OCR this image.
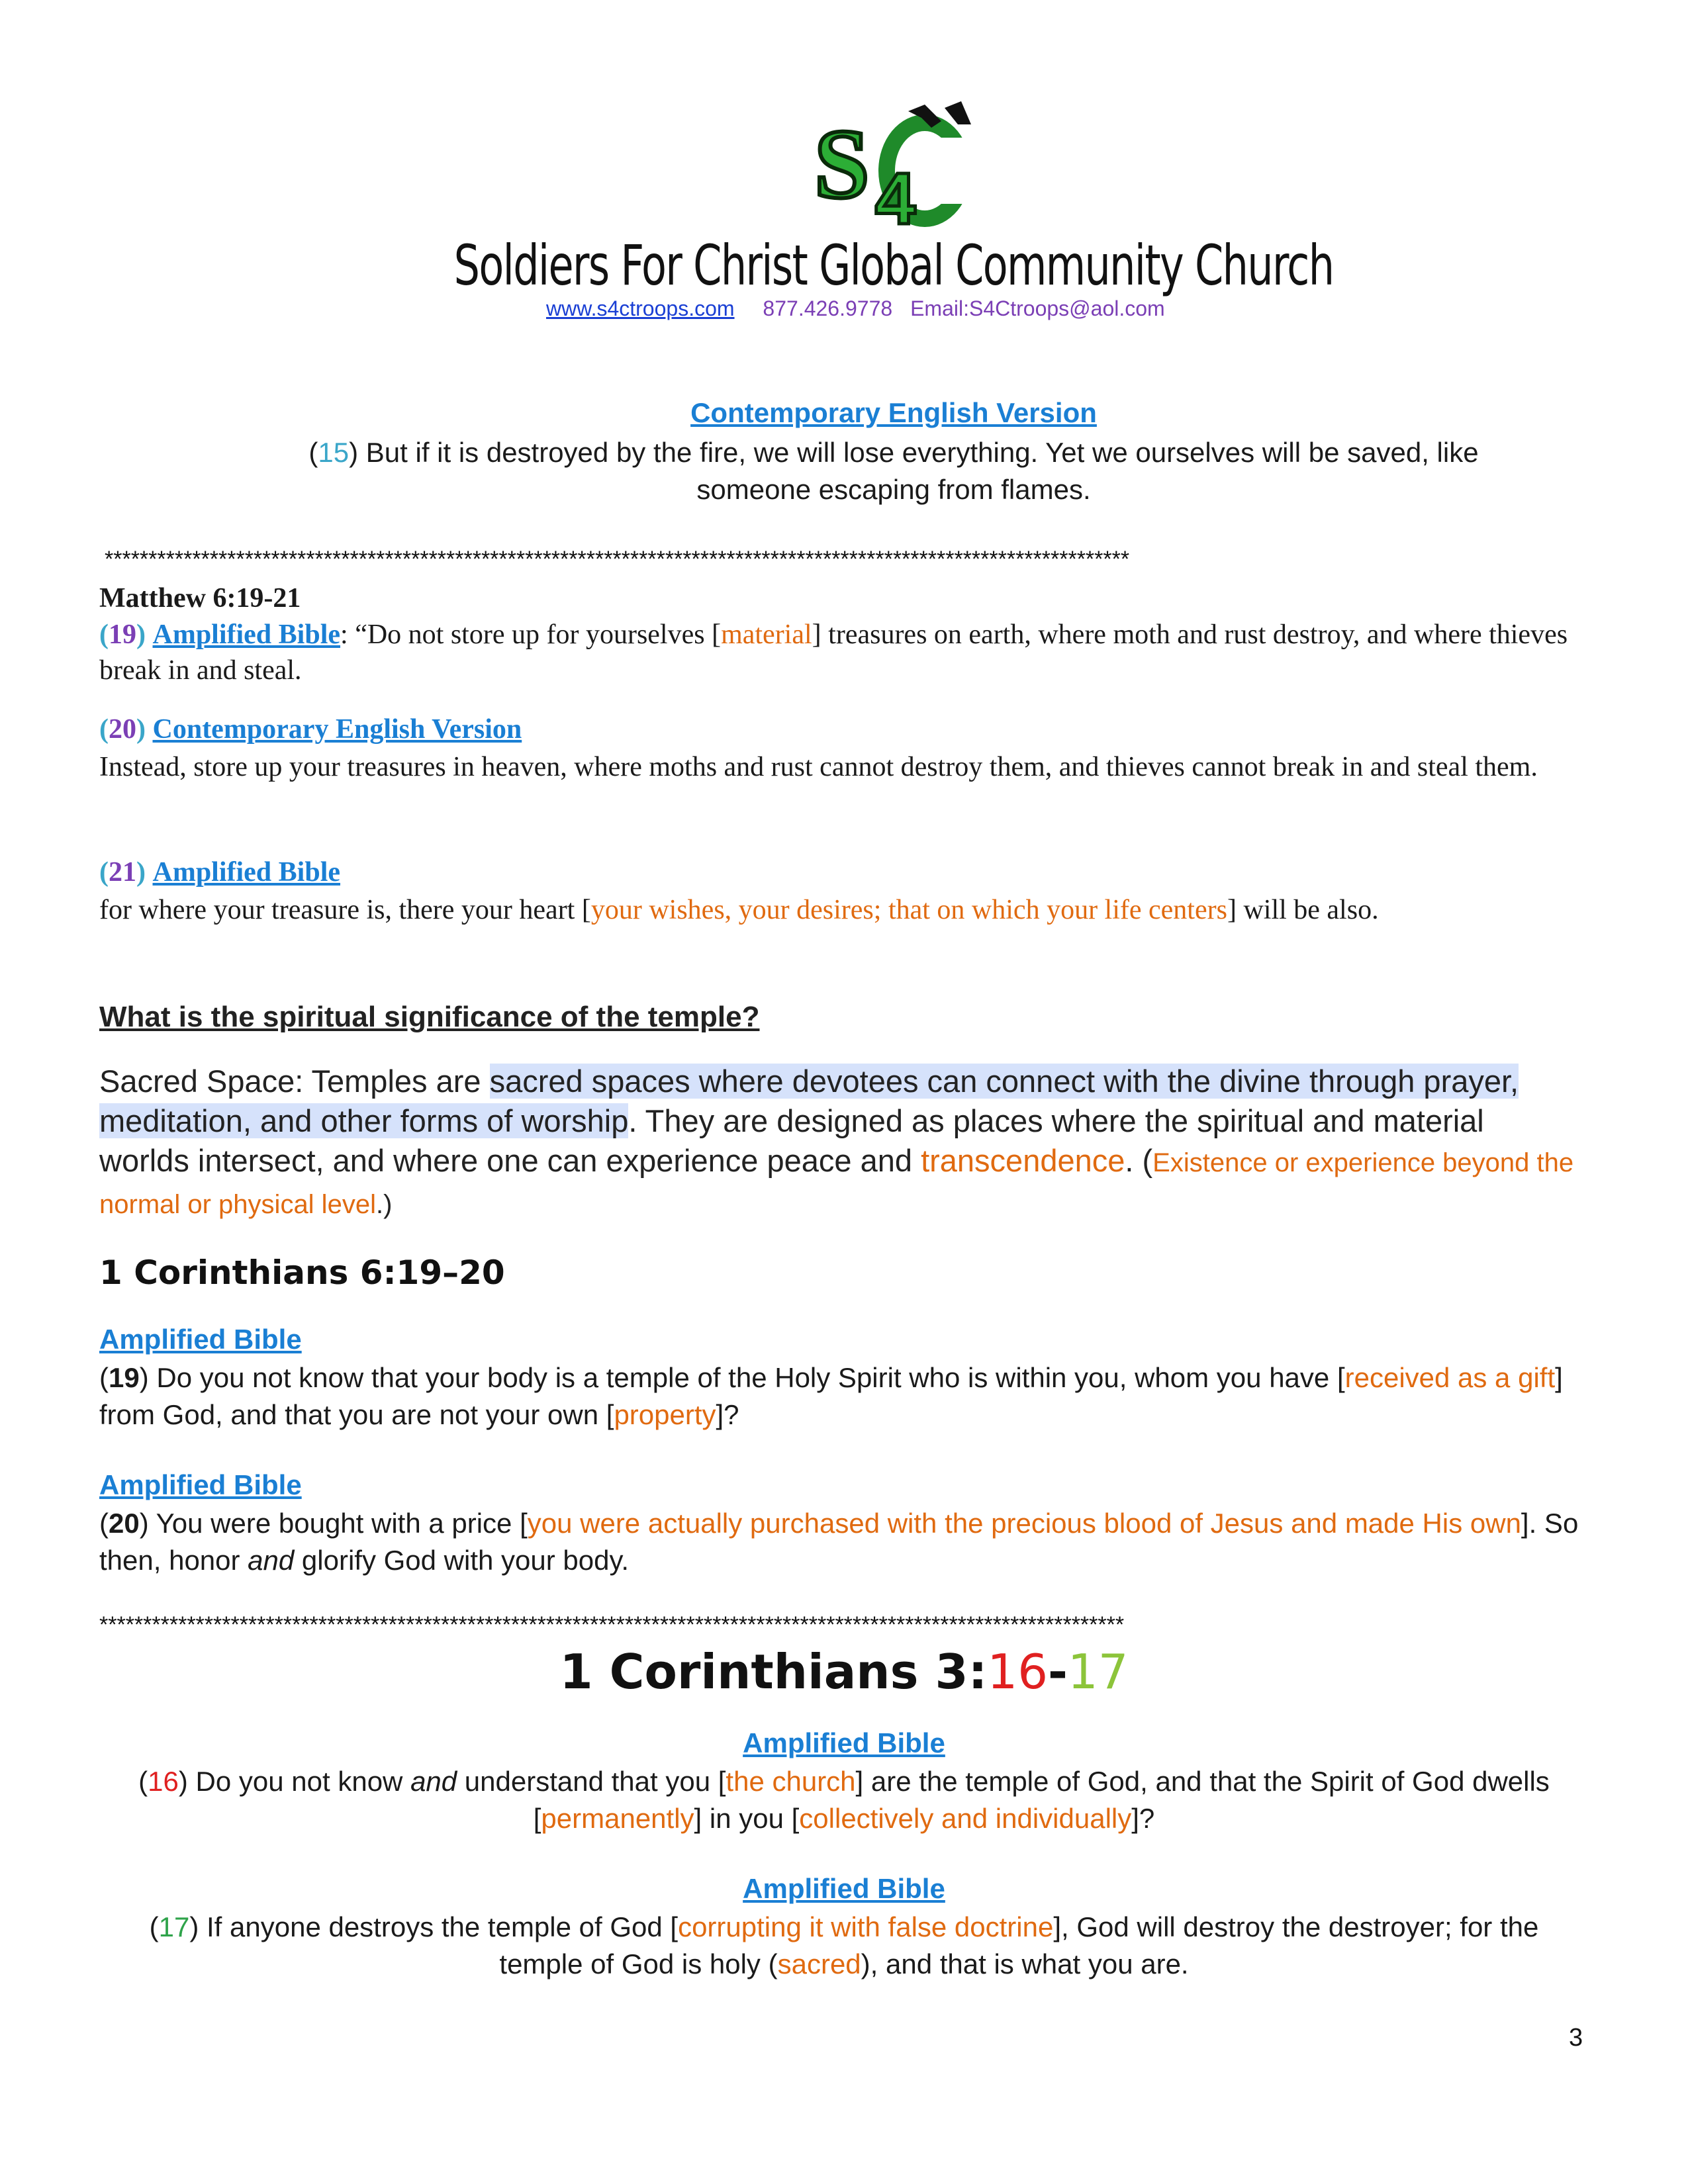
S 4
Soldiers F
Soldiers For Christ Global Community Church
www.s4ctroops.com 877.426.9778 Email:S4Ctroops@aol.com
Contemporary English Version
(15) But if it is destroyed by the fire, we will lose everything. Yet we ourselves will be saved, like someone escaping from flames.
*********************************************************************************************************************
Matthew 6:19-21
(19) Amplified Bible: “Do not store up for yourselves [material] treasures on earth, where moth and rust destroy, and where thieves break in and steal.
(20) Contemporary English Version
Instead, store up your treasures in heaven, where moths and rust cannot destroy them, and thieves cannot break in and steal them.
(21) Amplified Bible
for where your treasure is, there your heart [your wishes, your desires; that on which your life centers] will be also.
What is the spiritual significance of the temple?
Sacred Space: Temples are sacred spaces where devotees can connect with the divine through prayer, meditation, and other forms of worship. They are designed as places where the spiritual and material worlds intersect, and where one can experience peace and transcendence. (Existence or experience beyond the normal or physical level.)
1 Corinthians 6:19–20
Amplified Bible
(19) Do you not know that your body is a temple of the Holy Spirit who is within you, whom you have [received as a gift] from God, and that you are not your own [property]?
Amplified Bible
(20) You were bought with a price [you were actually purchased with the precious blood of Jesus and made His own]. So then, honor and glorify God with your body.
*********************************************************************************************************************
1 Corinthians 3:16-17
Amplified Bible
(16) Do you not know and understand that you [the church] are the temple of God, and that the Spirit of God dwells [permanently] in you [collectively and individually]?
Amplified Bible
(17) If anyone destroys the temple of God [corrupting it with false doctrine], God will destroy the destroyer; for the temple of God is holy (sacred), and that is what you are.
3
